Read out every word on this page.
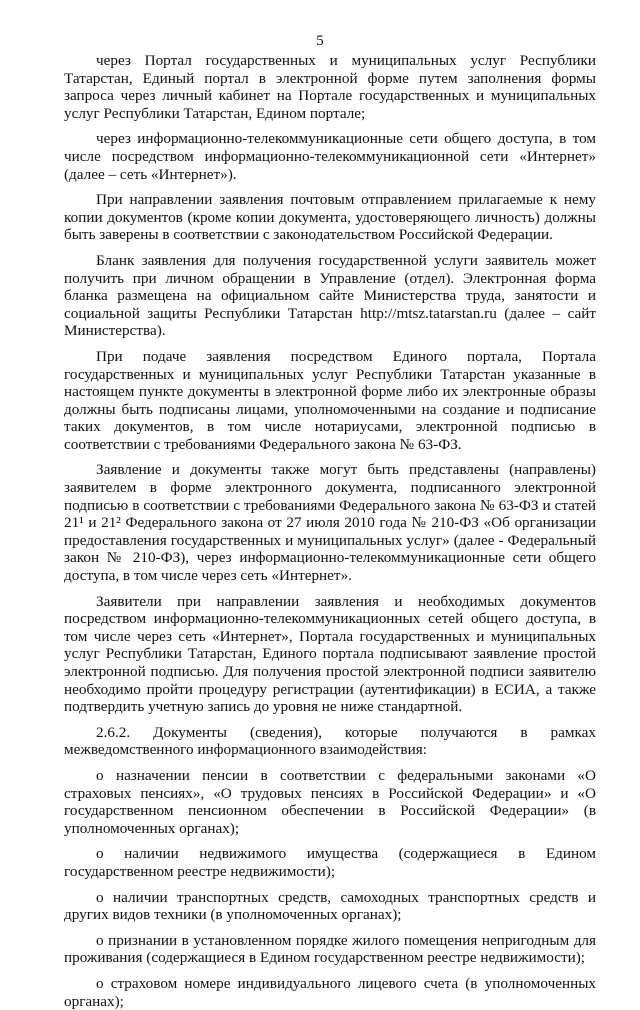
5

через Портал государственных и муниципальных услуг Республики Татарстан, Единый портал в электронной форме путем заполнения формы запроса через личный кабинет на Портале государственных и муниципальных услуг Республики Татарстан, Едином портале;

через информационно-телекоммуникационные сети общего доступа, в том числе посредством информационно-телекоммуникационной сети «Интернет» (далее – сеть «Интернет»).

При направлении заявления почтовым отправлением прилагаемые к нему копии документов (кроме копии документа, удостоверяющего личность) должны быть заверены в соответствии с законодательством Российской Федерации.

Бланк заявления для получения государственной услуги заявитель может получить при личном обращении в Управление (отдел). Электронная форма бланка размещена на официальном сайте Министерства труда, занятости и социальной защиты Республики Татарстан http://mtsz.tatarstan.ru (далее – сайт Министерства).

При подаче заявления посредством Единого портала, Портала государственных и муниципальных услуг Республики Татарстан указанные в настоящем пункте документы в электронной форме либо их электронные образы должны быть подписаны лицами, уполномоченными на создание и подписание таких документов, в том числе нотариусами, электронной подписью в соответствии с требованиями Федерального закона № 63-ФЗ.

Заявление и документы также могут быть представлены (направлены) заявителем в форме электронного документа, подписанного электронной подписью в соответствии с требованиями Федерального закона № 63-ФЗ и статей 21¹ и 21² Федерального закона от 27 июля 2010 года № 210-ФЗ «Об организации предоставления государственных и муниципальных услуг» (далее - Федеральный закон № 210-ФЗ), через информационно-телекоммуникационные сети общего доступа, в том числе через сеть «Интернет».

Заявители при направлении заявления и необходимых документов посредством информационно-телекоммуникационных сетей общего доступа, в том числе через сеть «Интернет», Портала государственных и муниципальных услуг Республики Татарстан, Единого портала подписывают заявление простой электронной подписью. Для получения простой электронной подписи заявителю необходимо пройти процедуру регистрации (аутентификации) в ЕСИА, а также подтвердить учетную запись до уровня не ниже стандартной.

2.6.2. Документы (сведения), которые получаются в рамках межведомственного информационного взаимодействия:

о назначении пенсии в соответствии с федеральными законами «О страховых пенсиях», «О трудовых пенсиях в Российской Федерации» и «О государственном пенсионном обеспечении в Российской Федерации» (в уполномоченных органах);

о наличии недвижимого имущества (содержащиеся в Едином государственном реестре недвижимости);

о наличии транспортных средств, самоходных транспортных средств и других видов техники (в уполномоченных органах);

о признании в установленном порядке жилого помещения непригодным для проживания (содержащиеся в Едином государственном реестре недвижимости);

о страховом номере индивидуального лицевого счета (в уполномоченных органах);
